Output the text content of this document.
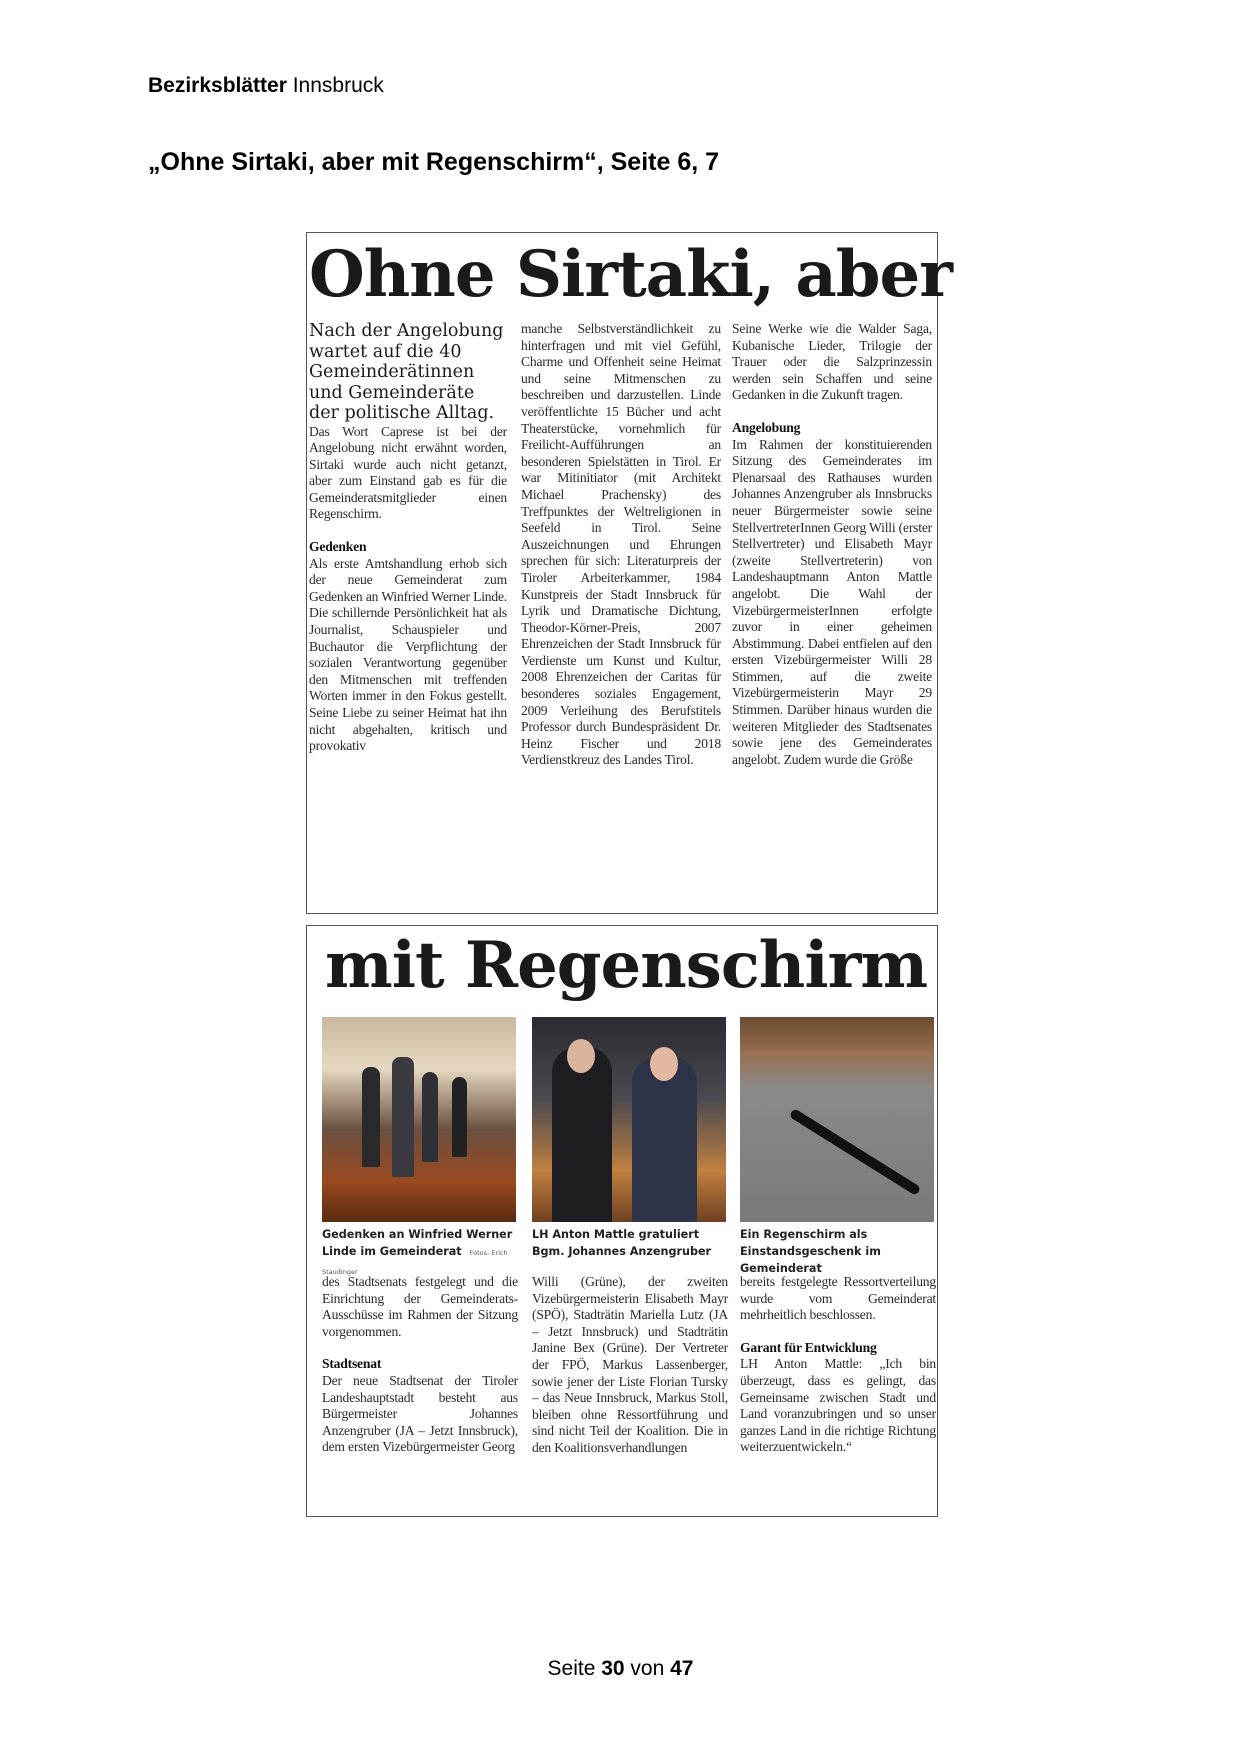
Bezirksblätter Innsbruck
„Ohne Sirtaki, aber mit Regenschirm“, Seite 6, 7
Ohne Sirtaki, aber

Nach der Angelobung wartet auf die 40 Gemeinderätinnen und Gemeinderäte der politische Alltag.

Das Wort Caprese ist bei der Angelobung nicht erwähnt worden, Sirtaki wurde auch nicht getanzt, aber zum Einstand gab es für die Gemeinderatsmitglieder einen Regenschirm.

Gedenken

Als erste Amtshandlung erhob sich der neue Gemeinderat zum Gedenken an Winfried Werner Linde. Die schillernde Persönlichkeit hat als Journalist, Schauspieler und Buchautor die Verpflichtung der sozialen Verantwortung gegenüber den Mitmenschen mit treffenden Worten immer in den Fokus gestellt. Seine Liebe zu seiner Heimat hat ihn nicht abgehalten, kritisch und provokativ

manche Selbstverständlichkeit zu hinterfragen und mit viel Gefühl, Charme und Offenheit seine Heimat und seine Mitmenschen zu beschreiben und darzustellen. Linde veröffentlichte 15 Bücher und acht Theaterstücke, vornehmlich für Freilicht-Aufführungen an besonderen Spielstätten in Tirol. Er war Mitinitiator (mit Architekt Michael Prachensky) des Treffpunktes der Weltreligionen in Seefeld in Tirol. Seine Auszeichnungen und Ehrungen sprechen für sich: Literaturpreis der Tiroler Arbeiterkammer, 1984 Kunstpreis der Stadt Innsbruck für Lyrik und Dramatische Dichtung, Theodor-Körner-Preis, 2007 Ehrenzeichen der Stadt Innsbruck für Verdienste um Kunst und Kultur, 2008 Ehrenzeichen der Caritas für besonderes soziales Engagement, 2009 Verleihung des Berufstitels Professor durch Bundespräsident Dr. Heinz Fischer und 2018 Verdienstkreuz des Landes Tirol.

Seine Werke wie die Walder Saga, Kubanische Lieder, Trilogie der Trauer oder die Salzprinzessin werden sein Schaffen und seine Gedanken in die Zukunft tragen.

Angelobung

Im Rahmen der konstituierenden Sitzung des Gemeinderates im Plenarsaal des Rathauses wurden Johannes Anzengruber als Innsbrucks neuer Bürgermeister sowie seine StellvertreterInnen Georg Willi (erster Stellvertreter) und Elisabeth Mayr (zweite Stellvertreterin) von Landeshauptmann Anton Mattle angelobt. Die Wahl der VizebürgermeisterInnen erfolgte zuvor in einer geheimen Abstimmung. Dabei entfielen auf den ersten Vizebürgermeister Willi 28 Stimmen, auf die zweite Vizebürgermeisterin Mayr 29 Stimmen. Darüber hinaus wurden die weiteren Mitglieder des Stadtsenates sowie jene des Gemeinderates angelobt. Zudem wurde die Größe

mit Regenschirm
Gedenken an Winfried Werner Linde im Gemeinderat Fotos: Erich Staudinger
LH Anton Mattle gratuliert Bgm. Johannes Anzengruber
Ein Regenschirm als Einstandsgeschenk im Gemeinderat

des Stadtsenats festgelegt und die Einrichtung der Gemeinderats-Ausschüsse im Rahmen der Sitzung vorgenommen.

Stadtsenat

Der neue Stadtsenat der Tiroler Landeshauptstadt besteht aus Bürgermeister Johannes Anzengruber (JA – Jetzt Innsbruck), dem ersten Vizebürgermeister Georg

Willi (Grüne), der zweiten Vizebürgermeisterin Elisabeth Mayr (SPÖ), Stadträtin Mariella Lutz (JA – Jetzt Innsbruck) und Stadträtin Janine Bex (Grüne). Der Vertreter der FPÖ, Markus Lassenberger, sowie jener der Liste Florian Tursky – das Neue Innsbruck, Markus Stoll, bleiben ohne Ressortführung und sind nicht Teil der Koalition. Die in den Koalitionsverhandlungen

bereits festgelegte Ressortverteilung wurde vom Gemeinderat mehrheitlich beschlossen.

Garant für Entwicklung

LH Anton Mattle: „Ich bin überzeugt, dass es gelingt, das Gemeinsame zwischen Stadt und Land voranzubringen und so unser ganzes Land in die richtige Richtung weiterzuentwickeln.“

Seite 30 von 47
